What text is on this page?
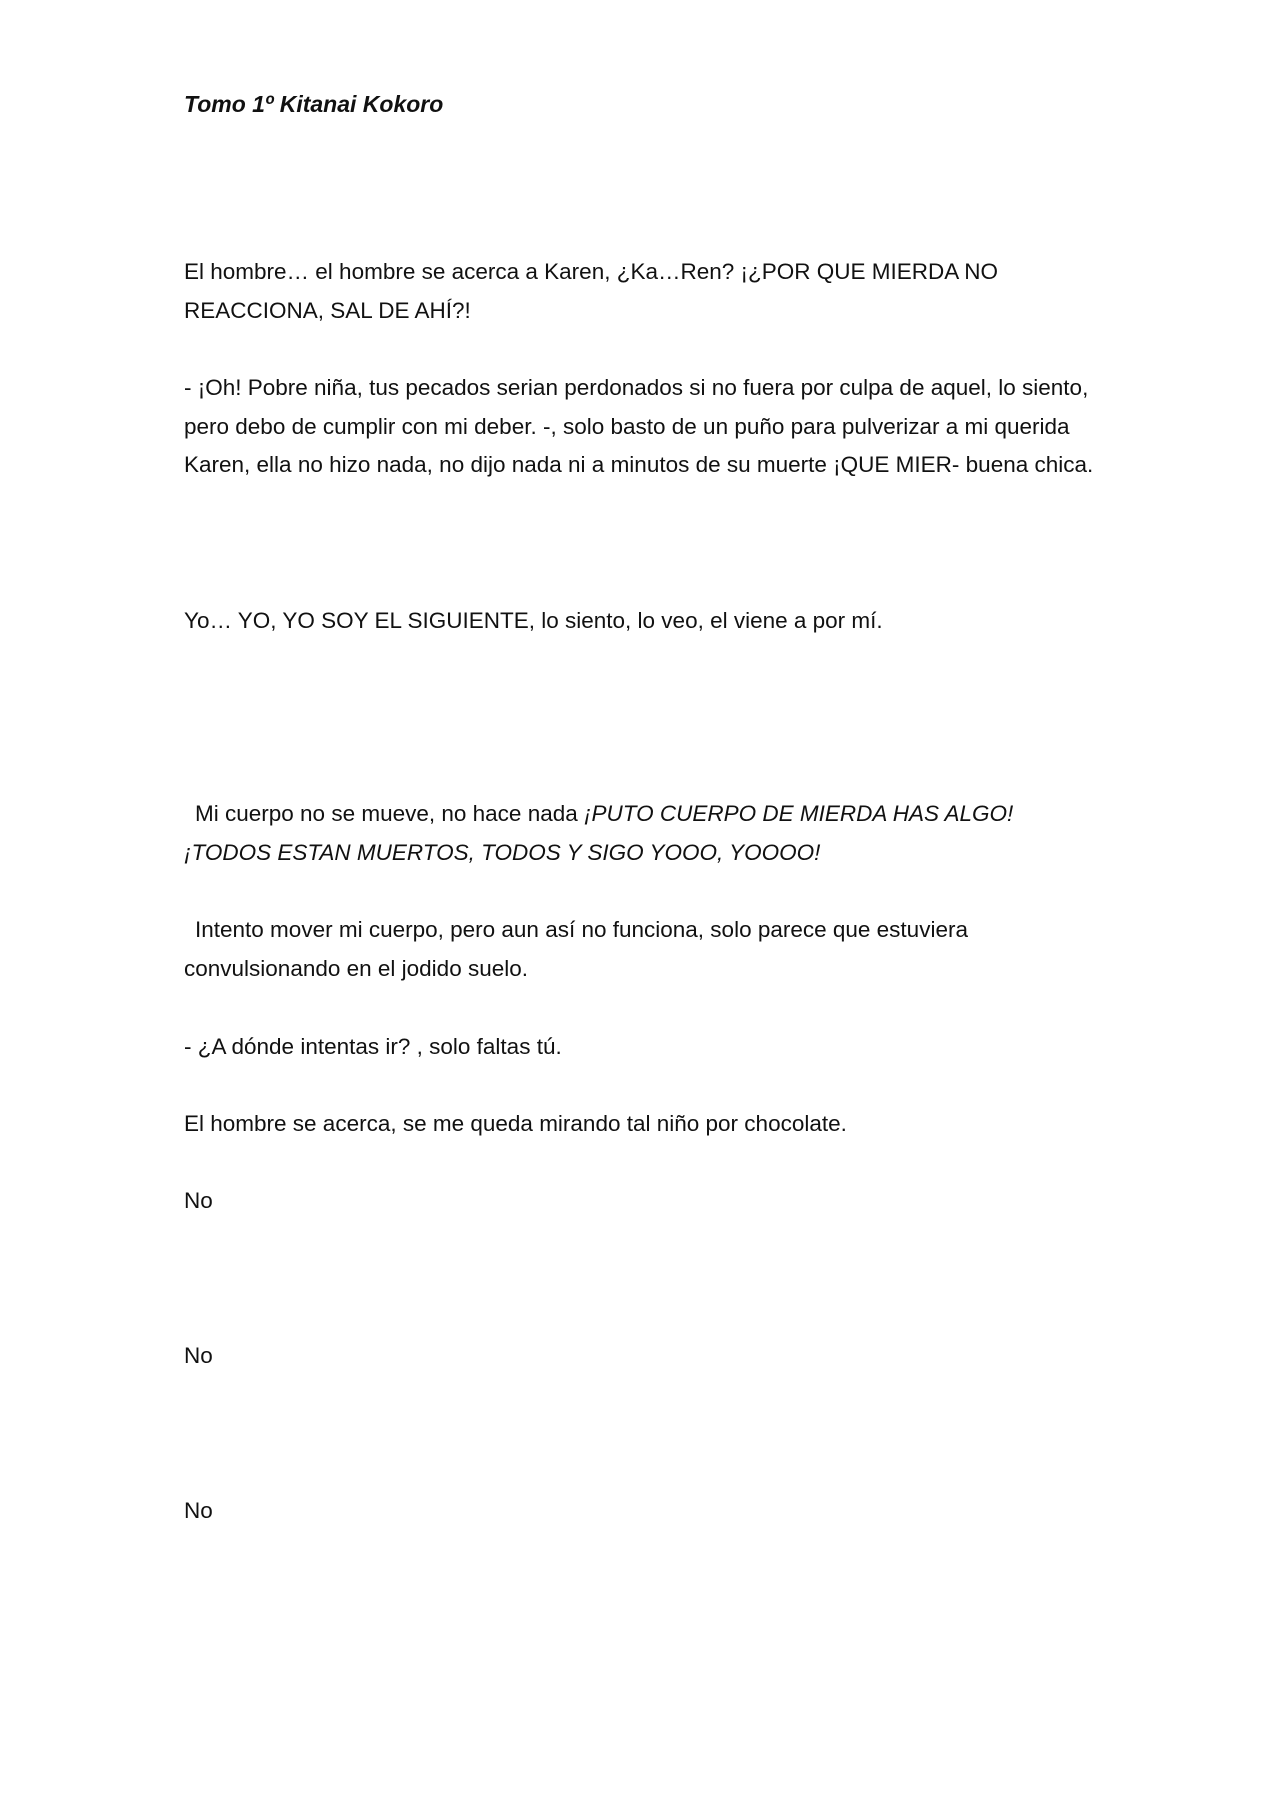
Tomo 1º Kitanai Kokoro
El hombre… el hombre se acerca a Karen, ¿Ka…Ren? ¡¿POR QUE MIERDA NO REACCIONA, SAL DE AHÍ?!
- ¡Oh! Pobre niña, tus pecados serian perdonados si no fuera por culpa de aquel, lo siento, pero debo de cumplir con mi deber. -, solo basto de un puño para pulverizar a mi querida Karen, ella no hizo nada, no dijo nada ni a minutos de su muerte ¡QUE MIER- buena chica.
Yo… YO, YO SOY EL SIGUIENTE, lo siento, lo veo, el viene a por mí.
Mi cuerpo no se mueve, no hace nada ¡PUTO CUERPO DE MIERDA HAS ALGO! ¡TODOS ESTAN MUERTOS, TODOS Y SIGO YOOO, YOOOO!
Intento mover mi cuerpo, pero aun así no funciona, solo parece que estuviera convulsionando en el jodido suelo.
- ¿A dónde intentas ir? , solo faltas tú.
El hombre se acerca, se me queda mirando tal niño por chocolate.
No
No
No
